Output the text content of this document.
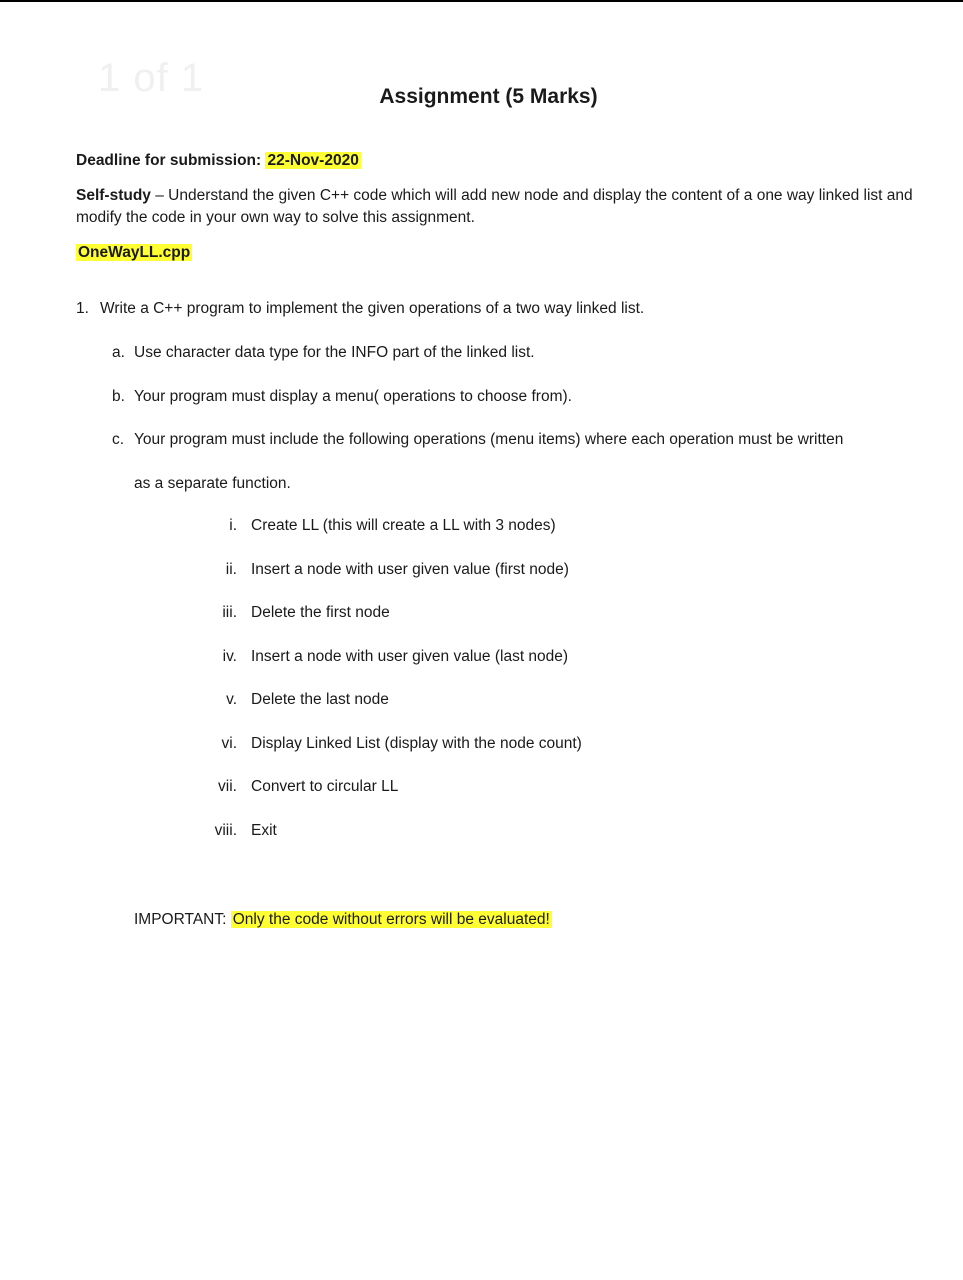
1 of 1	Assignment (5 Marks)
Deadline for submission: 22-Nov-2020
Self-study – Understand the given C++ code which will add new node and display the content of a one way linked list and modify the code in your own way to solve this assignment.
OneWayLL.cpp
1. Write a C++ program to implement the given operations of a two way linked list.
a. Use character data type for the INFO part of the linked list.
b. Your program must display a menu( operations to choose from).
c. Your program must include the following operations (menu items) where each operation must be written
as a separate function.
i. Create LL (this will create a LL with 3 nodes)
ii. Insert a node with user given value (first node)
iii. Delete the first node
iv. Insert a node with user given value (last node)
v. Delete the last node
vi. Display Linked List (display with the node count)
vii. Convert to circular LL
viii. Exit
IMPORTANT: Only the code without errors will be evaluated!
